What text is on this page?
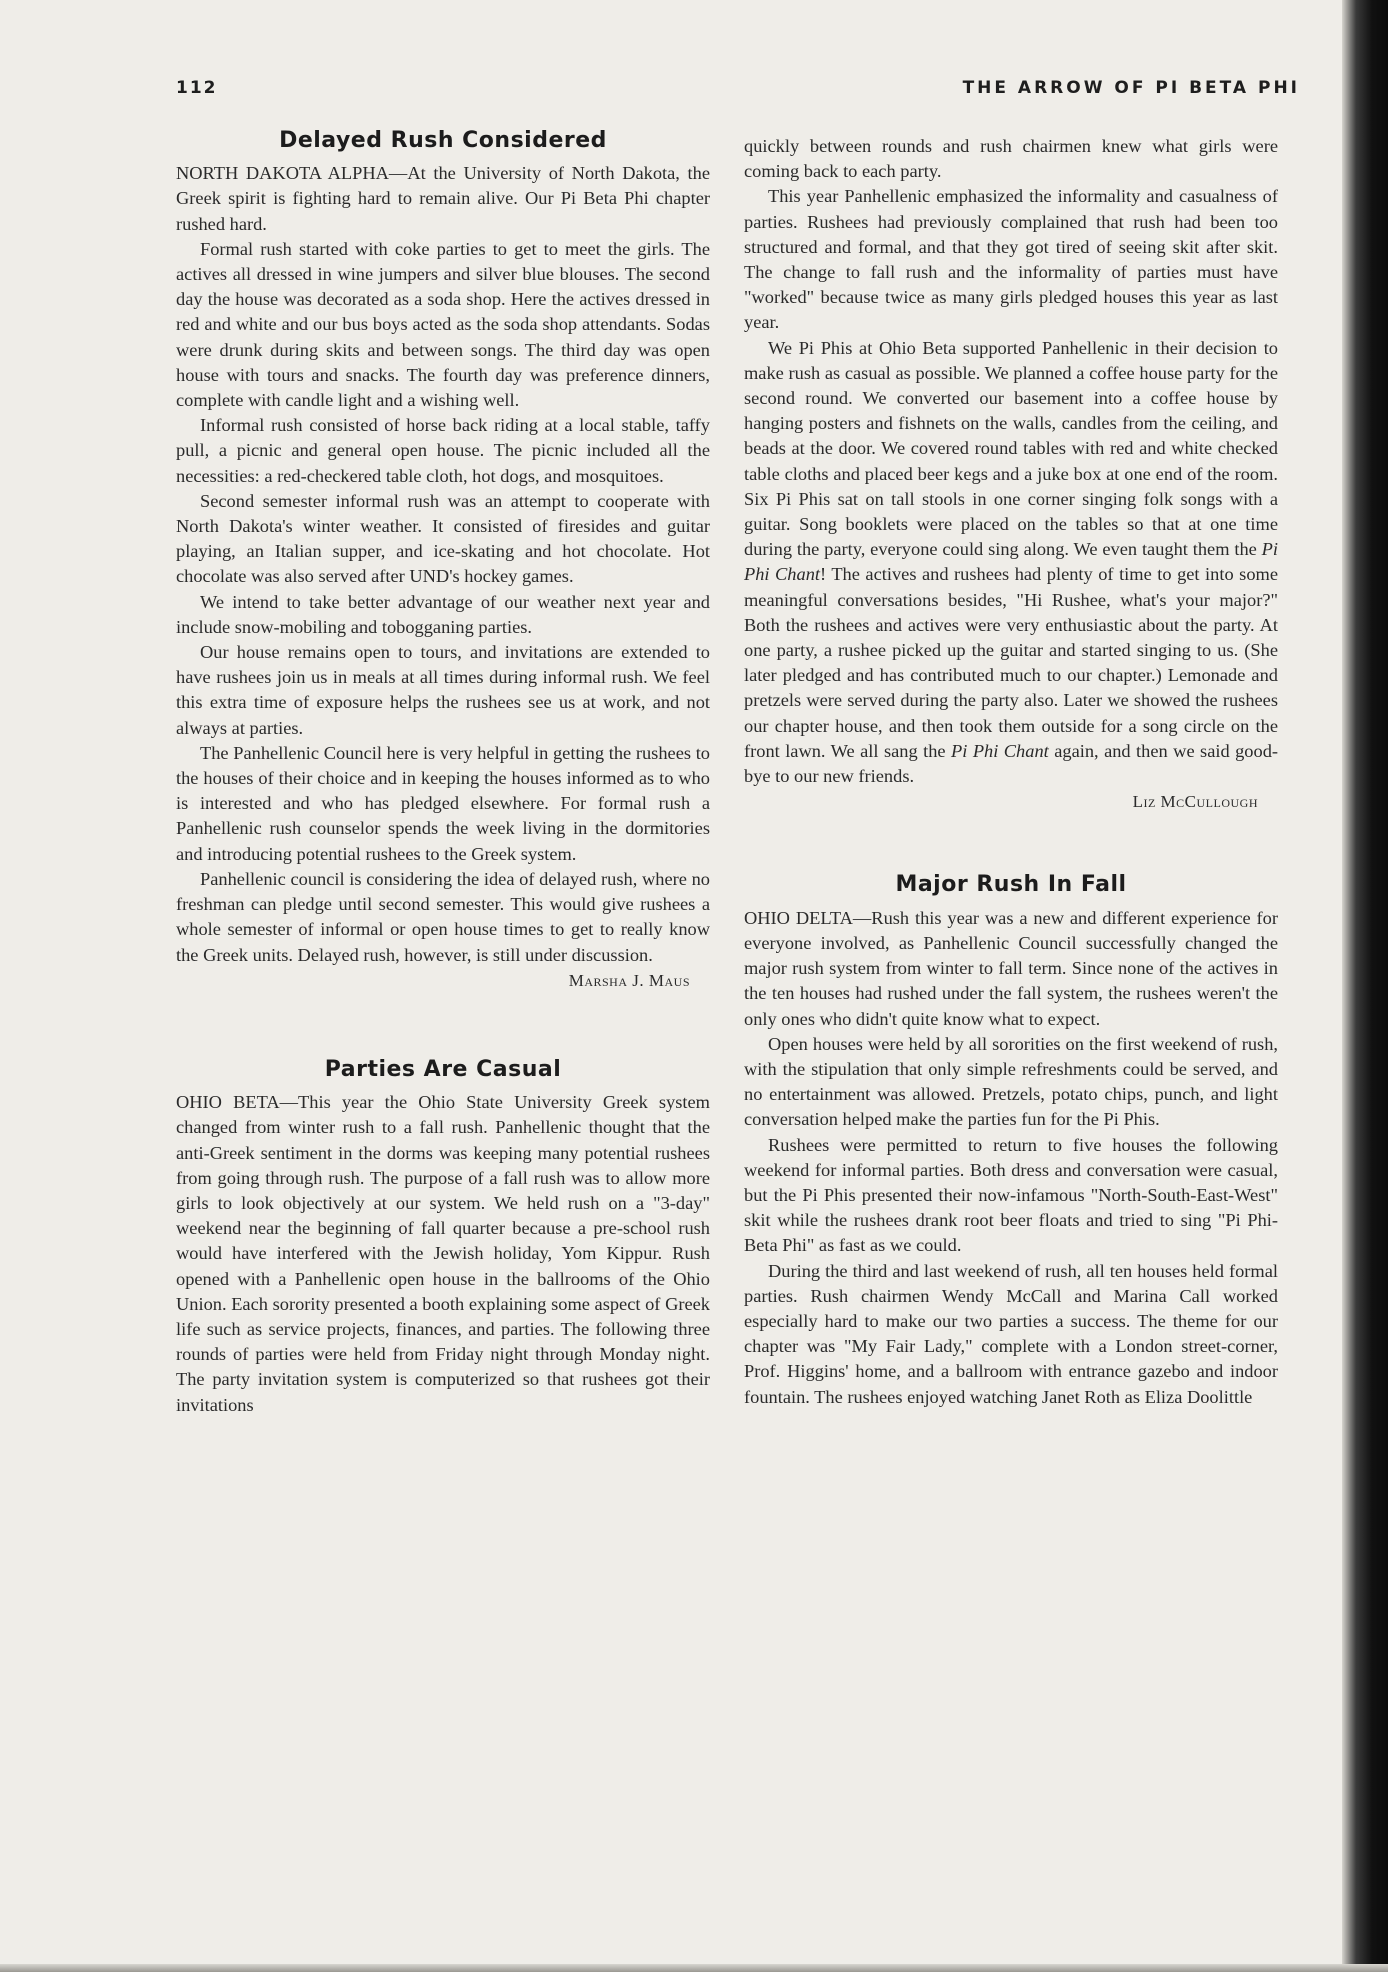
112	THE ARROW OF PI BETA PHI
Delayed Rush Considered

NORTH DAKOTA ALPHA—At the University of North Dakota, the Greek spirit is fighting hard to remain alive. Our Pi Beta Phi chapter rushed hard.

Formal rush started with coke parties to get to meet the girls. The actives all dressed in wine jumpers and silver blue blouses. The second day the house was decorated as a soda shop. Here the actives dressed in red and white and our bus boys acted as the soda shop attendants. Sodas were drunk during skits and between songs. The third day was open house with tours and snacks. The fourth day was preference dinners, complete with candle light and a wishing well.

Informal rush consisted of horse back riding at a local stable, taffy pull, a picnic and general open house. The picnic included all the necessities: a red-checkered table cloth, hot dogs, and mosquitoes.

Second semester informal rush was an attempt to cooperate with North Dakota's winter weather. It consisted of firesides and guitar playing, an Italian supper, and ice-skating and hot chocolate. Hot chocolate was also served after UND's hockey games.

We intend to take better advantage of our weather next year and include snow-mobiling and tobogganing parties.

Our house remains open to tours, and invitations are extended to have rushees join us in meals at all times during informal rush. We feel this extra time of exposure helps the rushees see us at work, and not always at parties.

The Panhellenic Council here is very helpful in getting the rushees to the houses of their choice and in keeping the houses informed as to who is interested and who has pledged elsewhere. For formal rush a Panhellenic rush counselor spends the week living in the dormitories and introducing potential rushees to the Greek system.

Panhellenic council is considering the idea of delayed rush, where no freshman can pledge until second semester. This would give rushees a whole semester of informal or open house times to get to really know the Greek units. Delayed rush, however, is still under discussion.

Marsha J. Maus

Parties Are Casual

OHIO BETA—This year the Ohio State University Greek system changed from winter rush to a fall rush. Panhellenic thought that the anti-Greek sentiment in the dorms was keeping many potential rushees from going through rush. The purpose of a fall rush was to allow more girls to look objectively at our system. We held rush on a "3-day" weekend near the beginning of fall quarter because a pre-school rush would have interfered with the Jewish holiday, Yom Kippur. Rush opened with a Panhellenic open house in the ballrooms of the Ohio Union. Each sorority presented a booth explaining some aspect of Greek life such as service projects, finances, and parties. The following three rounds of parties were held from Friday night through Monday night. The party invitation system is computerized so that rushees got their invitations

quickly between rounds and rush chairmen knew what girls were coming back to each party.

This year Panhellenic emphasized the informality and casualness of parties. Rushees had previously complained that rush had been too structured and formal, and that they got tired of seeing skit after skit. The change to fall rush and the informality of parties must have "worked" because twice as many girls pledged houses this year as last year.

We Pi Phis at Ohio Beta supported Panhellenic in their decision to make rush as casual as possible. We planned a coffee house party for the second round. We converted our basement into a coffee house by hanging posters and fishnets on the walls, candles from the ceiling, and beads at the door. We covered round tables with red and white checked table cloths and placed beer kegs and a juke box at one end of the room. Six Pi Phis sat on tall stools in one corner singing folk songs with a guitar. Song booklets were placed on the tables so that at one time during the party, everyone could sing along. We even taught them the Pi Phi Chant! The actives and rushees had plenty of time to get into some meaningful conversations besides, "Hi Rushee, what's your major?" Both the rushees and actives were very enthusiastic about the party. At one party, a rushee picked up the guitar and started singing to us. (She later pledged and has contributed much to our chapter.) Lemonade and pretzels were served during the party also. Later we showed the rushees our chapter house, and then took them outside for a song circle on the front lawn. We all sang the Pi Phi Chant again, and then we said good-bye to our new friends.

Liz McCullough

Major Rush In Fall

OHIO DELTA—Rush this year was a new and different experience for everyone involved, as Panhellenic Council successfully changed the major rush system from winter to fall term. Since none of the actives in the ten houses had rushed under the fall system, the rushees weren't the only ones who didn't quite know what to expect.

Open houses were held by all sororities on the first weekend of rush, with the stipulation that only simple refreshments could be served, and no entertainment was allowed. Pretzels, potato chips, punch, and light conversation helped make the parties fun for the Pi Phis.

Rushees were permitted to return to five houses the following weekend for informal parties. Both dress and conversation were casual, but the Pi Phis presented their now-infamous "North-South-East-West" skit while the rushees drank root beer floats and tried to sing "Pi Phi-Beta Phi" as fast as we could.

During the third and last weekend of rush, all ten houses held formal parties. Rush chairmen Wendy McCall and Marina Call worked especially hard to make our two parties a success. The theme for our chapter was "My Fair Lady," complete with a London street-corner, Prof. Higgins' home, and a ballroom with entrance gazebo and indoor fountain. The rushees enjoyed watching Janet Roth as Eliza Doolittle
